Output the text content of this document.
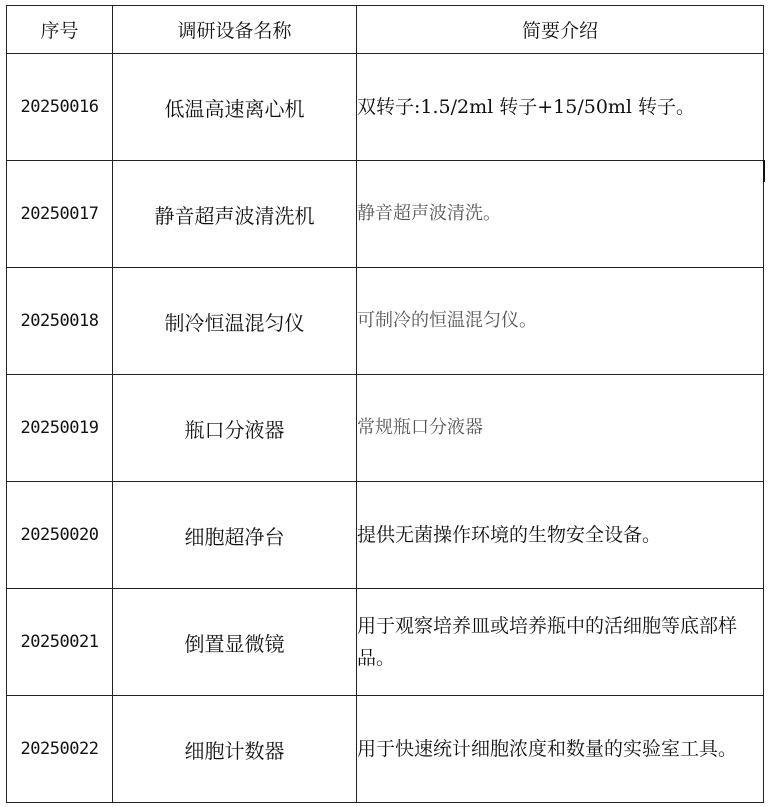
序号	调研设备名称	简要介绍
20250016	低温高速离心机	双转子:1.5/2ml 转子+15/50ml 转子。
20250017	静音超声波清洗机	静音超声波清洗。
20250018	制冷恒温混匀仪	可制冷的恒温混匀仪。
20250019	瓶口分液器	常规瓶口分液器
20250020	细胞超净台	提供无菌操作环境的生物安全设备。
20250021	倒置显微镜	用于观察培养皿或培养瓶中的活细胞等底部样品。
20250022	细胞计数器	用于快速统计细胞浓度和数量的实验室工具。
